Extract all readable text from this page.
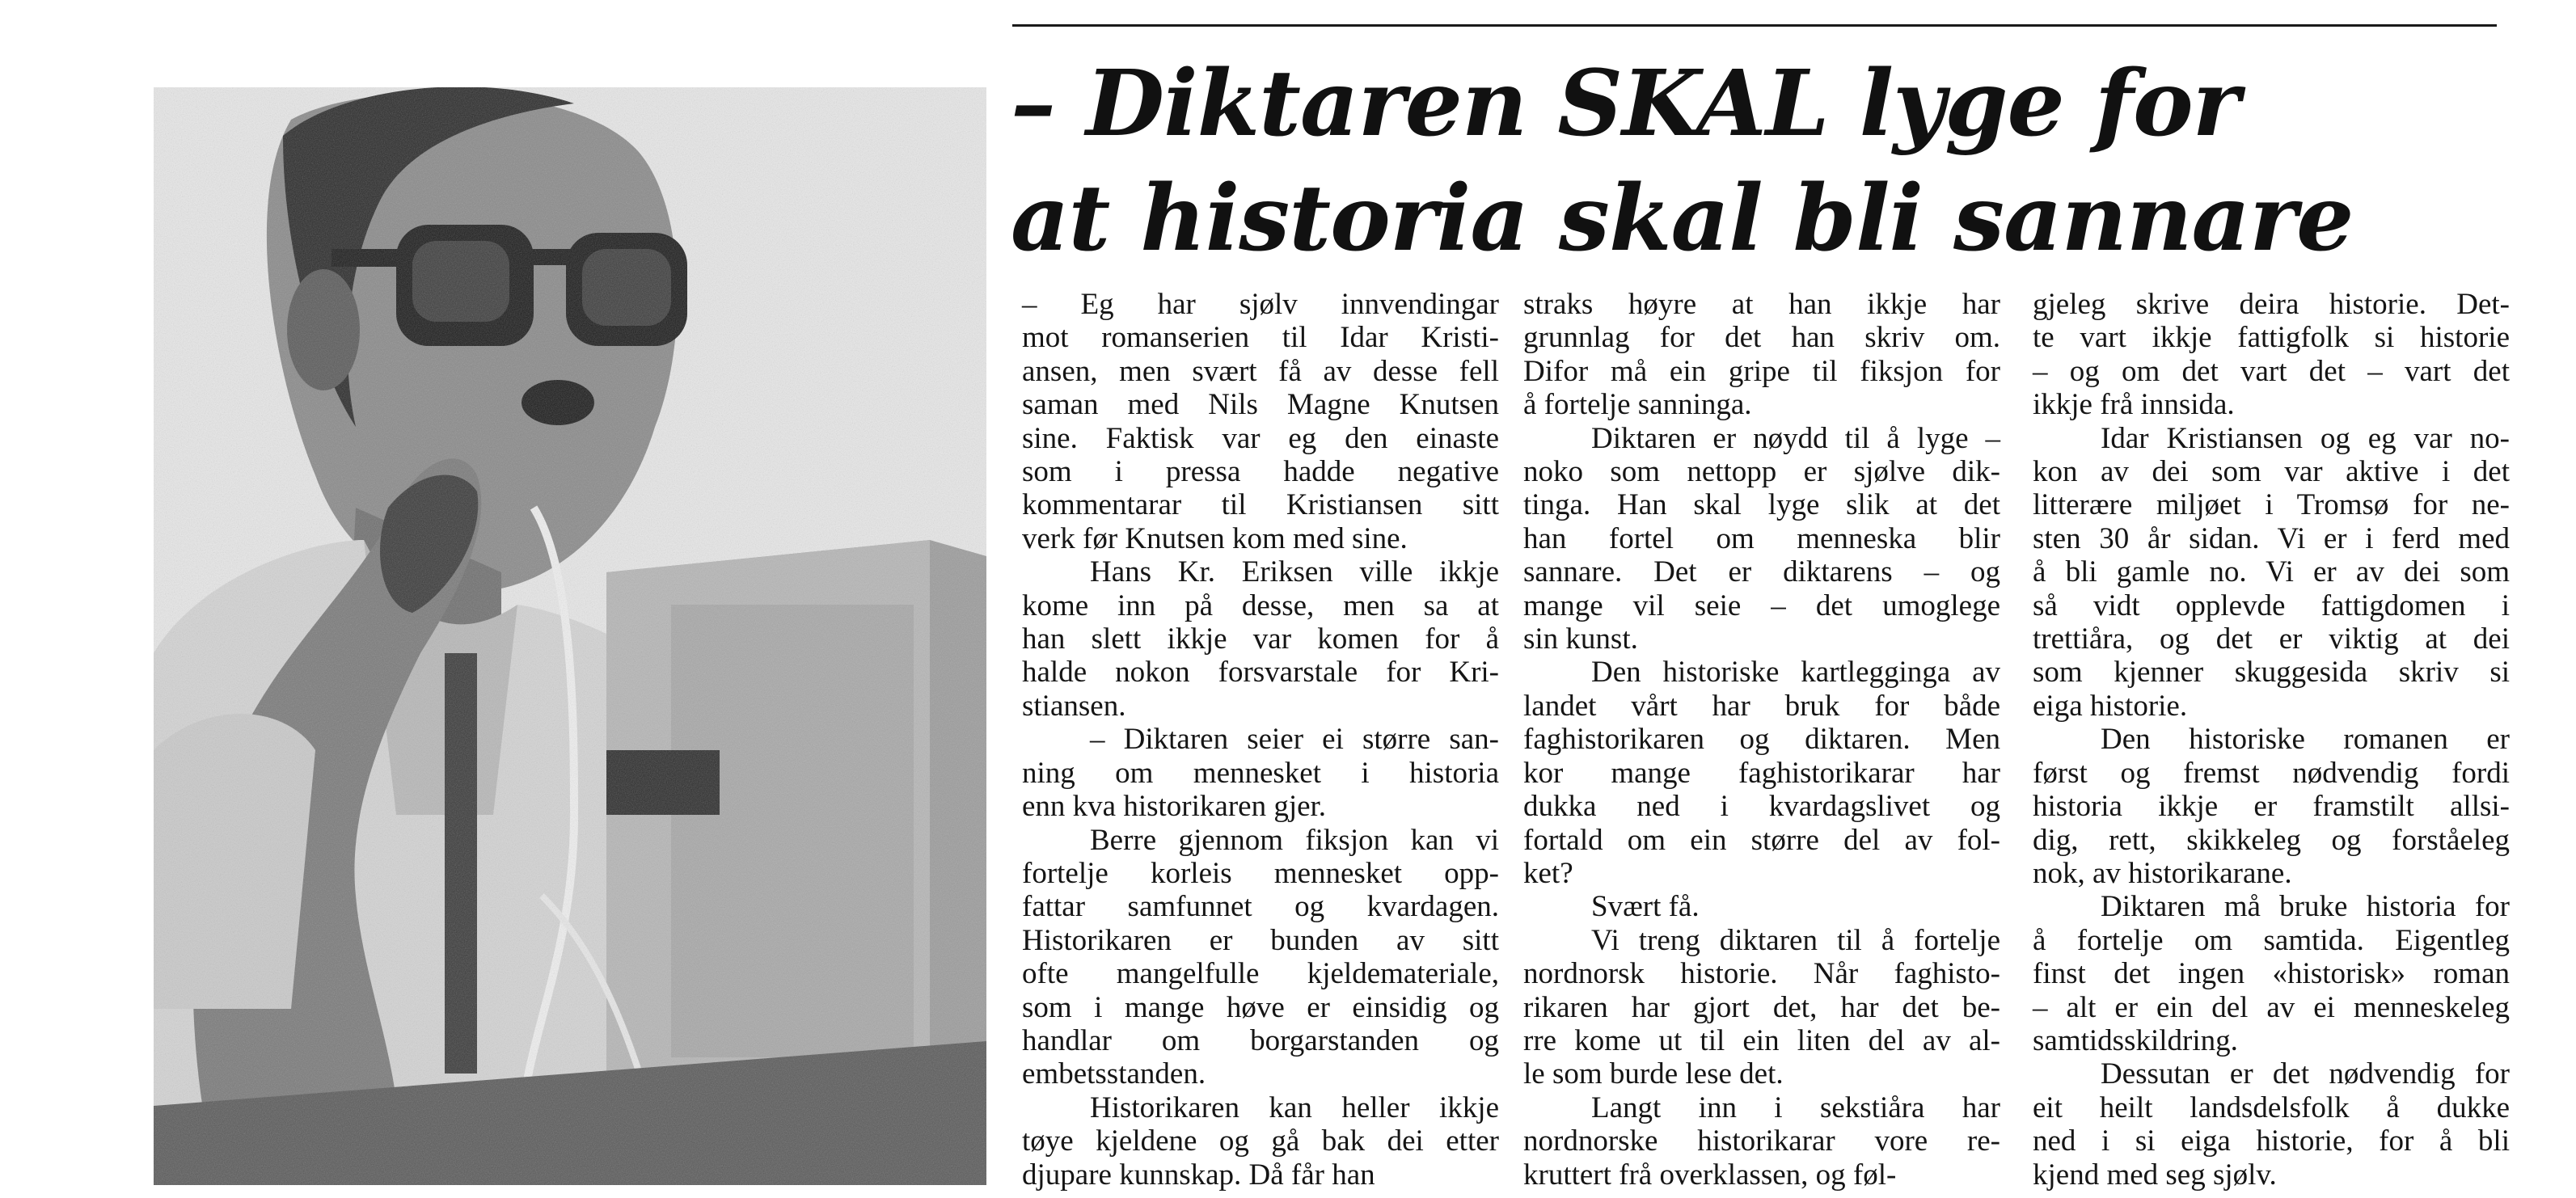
– Diktaren SKAL lyge for
at historia skal bli sannare

– Eg har sjølv innvendingar
mot romanserien til Idar Kristi-
ansen, men svært få av desse fell
saman med Nils Magne Knutsen
sine. Faktisk var eg den einaste
som i pressa hadde negative
kommentarar til Kristiansen sitt
verk før Knutsen kom med sine.

Hans Kr. Eriksen ville ikkje
kome inn på desse, men sa at
han slett ikkje var komen for å
halde nokon forsvarstale for Kri-
stiansen.

– Diktaren seier ei større san-
ning om mennesket i historia
enn kva historikaren gjer.

Berre gjennom fiksjon kan vi
fortelje korleis mennesket opp-
fattar samfunnet og kvardagen.
Historikaren er bunden av sitt
ofte mangelfulle kjeldemateriale,
som i mange høve er einsidig og
handlar om borgarstanden og
embetsstanden.

Historikaren kan heller ikkje
tøye kjeldene og gå bak dei etter
djupare kunnskap. Då får han

straks høyre at han ikkje har
grunnlag for det han skriv om.
Difor må ein gripe til fiksjon for
å fortelje sanninga.

Diktaren er nøydd til å lyge –
noko som nettopp er sjølve dik-
tinga. Han skal lyge slik at det
han fortel om menneska blir
sannare. Det er diktarens – og
mange vil seie – det umoglege
sin kunst.

Den historiske kartlegginga av
landet vårt har bruk for både
faghistorikaren og diktaren. Men
kor mange faghistorikarar har
dukka ned i kvardagslivet og
fortald om ein større del av fol-
ket?

Svært få.

Vi treng diktaren til å fortelje
nordnorsk historie. Når faghisto-
rikaren har gjort det, har det be-
rre kome ut til ein liten del av al-
le som burde lese det.

Langt inn i sekstiåra har
nordnorske historikarar vore re-
kruttert frå overklassen, og føl-

gjeleg skrive deira historie. Det-
te vart ikkje fattigfolk si historie
– og om det vart det – vart det
ikkje frå innsida.

Idar Kristiansen og eg var no-
kon av dei som var aktive i det
litterære miljøet i Tromsø for ne-
sten 30 år sidan. Vi er i ferd med
å bli gamle no. Vi er av dei som
så vidt opplevde fattigdomen i
trettiåra, og det er viktig at dei
som kjenner skuggesida skriv si
eiga historie.

Den historiske romanen er
først og fremst nødvendig fordi
historia ikkje er framstilt allsi-
dig, rett, skikkeleg og forståeleg
nok, av historikarane.

Diktaren må bruke historia for
å fortelje om samtida. Eigentleg
finst det ingen «historisk» roman
– alt er ein del av ei menneskeleg
samtidsskildring.

Dessutan er det nødvendig for
eit heilt landsdelsfolk å dukke
ned i si eiga historie, for å bli
kjend med seg sjølv.
